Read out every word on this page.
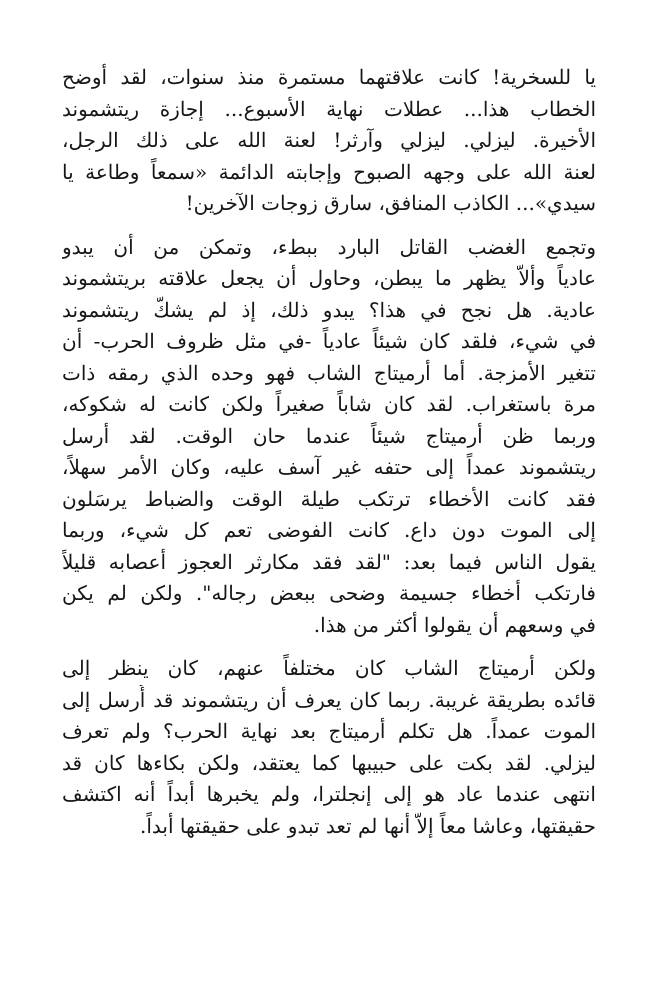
يا للسخرية! كانت علاقتهما مستمرة منذ سنوات، لقد أوضح
الخطاب هذا... عطلات نهاية الأسبوع... إجازة ريتشموند
الأخيرة. ليزلي. ليزلي وآرثر! لعنة الله على ذلك الرجل،
لعنة الله على وجهه الصبوح وإجابته الدائمة «سمعاً وطاعة يا
سيدي»... الكاذب المنافق، سارق زوجات الآخرين!
وتجمع الغضب القاتل البارد ببطء، وتمكن من أن يبدو
عادياً وألاّ يظهر ما يبطن، وحاول أن يجعل علاقته بريتشموند
عادية. هل نجح في هذا؟ يبدو ذلك، إذ لم يشكّ ريتشموند
في شيء، فلقد كان شيئاً عادياً -في مثل ظروف الحرب- أن
تتغير الأمزجة. أما أرميتاج الشاب فهو وحده الذي رمقه ذات
مرة باستغراب. لقد كان شاباً صغيراً ولكن كانت له شكوكه،
وربما ظن أرميتاج شيئاً عندما حان الوقت. لقد أرسل
ريتشموند عمداً إلى حتفه غير آسف عليه، وكان الأمر سهلاً،
فقد كانت الأخطاء ترتكب طيلة الوقت والضباط يرسَلون
إلى الموت دون داع. كانت الفوضى تعم كل شيء، وربما
يقول الناس فيما بعد: "لقد فقد مكارثر العجوز أعصابه قليلاً
فارتكب أخطاء جسيمة وضحى ببعض رجاله". ولكن لم يكن
في وسعهم أن يقولوا أكثر من هذا.
ولكن أرميتاج الشاب كان مختلفاً عنهم، كان ينظر إلى
قائده بطريقة غريبة. ربما كان يعرف أن ريتشموند قد أُرسل إلى
الموت عمداً. هل تكلم أرميتاج بعد نهاية الحرب؟ ولم تعرف
ليزلي. لقد بكت على حبيبها كما يعتقد، ولكن بكاءها كان قد
انتهى عندما عاد هو إلى إنجلترا، ولم يخبرها أبداً أنه اكتشف
حقيقتها، وعاشا معاً إلاّ أنها لم تعد تبدو على حقيقتها أبداً.
